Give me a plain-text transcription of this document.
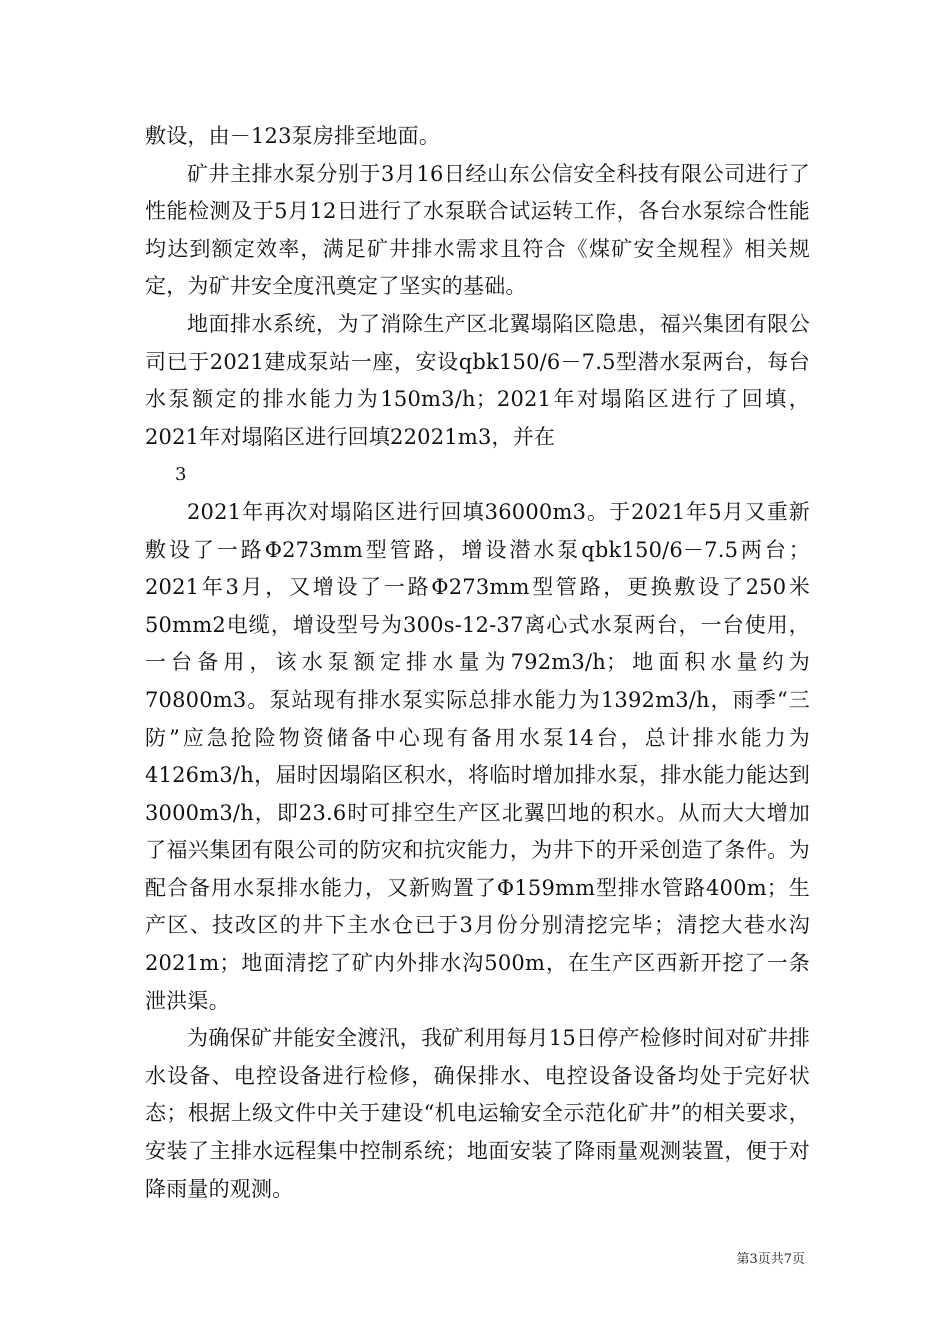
敷设，由－123泵房排至地面。

矿井主排水泵分别于3月16日经山东公信安全科技有限公司进行了性能检测及于5月12日进行了水泵联合试运转工作，各台水泵综合性能均达到额定效率，满足矿井排水需求且符合《煤矿安全规程》相关规定，为矿井安全度汛奠定了坚实的基础。

地面排水系统，为了消除生产区北翼塌陷区隐患，福兴集团有限公司已于2021建成泵站一座，安设qbk150/6－7.5型潜水泵两台，每台水泵额定的排水能力为150m3/h；2021年对塌陷区进行了回填，2021年对塌陷区进行回填22021m3，并在

3

2021年再次对塌陷区进行回填36000m3。于2021年5月又重新敷设了一路Φ273mm型管路，增设潜水泵qbk150/6－7.5两台；2021年3月，又增设了一路Φ273mm型管路，更换敷设了250米50mm2电缆，增设型号为300s-12-37离心式水泵两台，一台使用，一台备用，该水泵额定排水量为792m3/h；地面积水量约为70800m3。泵站现有排水泵实际总排水能力为1392m3/h，雨季“三防”应急抢险物资储备中心现有备用水泵14台，总计排水能力为4126m3/h，届时因塌陷区积水，将临时增加排水泵，排水能力能达到3000m3/h，即23.6时可排空生产区北翼凹地的积水。从而大大增加了福兴集团有限公司的防灾和抗灾能力，为井下的开采创造了条件。为配合备用水泵排水能力，又新购置了Φ159mm型排水管路400m；生产区、技改区的井下主水仓已于3月份分别清挖完毕；清挖大巷水沟2021m；地面清挖了矿内外排水沟500m，在生产区西新开挖了一条泄洪渠。

为确保矿井能安全渡汛，我矿利用每月15日停产检修时间对矿井排水设备、电控设备进行检修，确保排水、电控设备设备均处于完好状态；根据上级文件中关于建设“机电运输安全示范化矿井”的相关要求，安装了主排水远程集中控制系统；地面安装了降雨量观测装置，便于对降雨量的观测。

第3页共7页
